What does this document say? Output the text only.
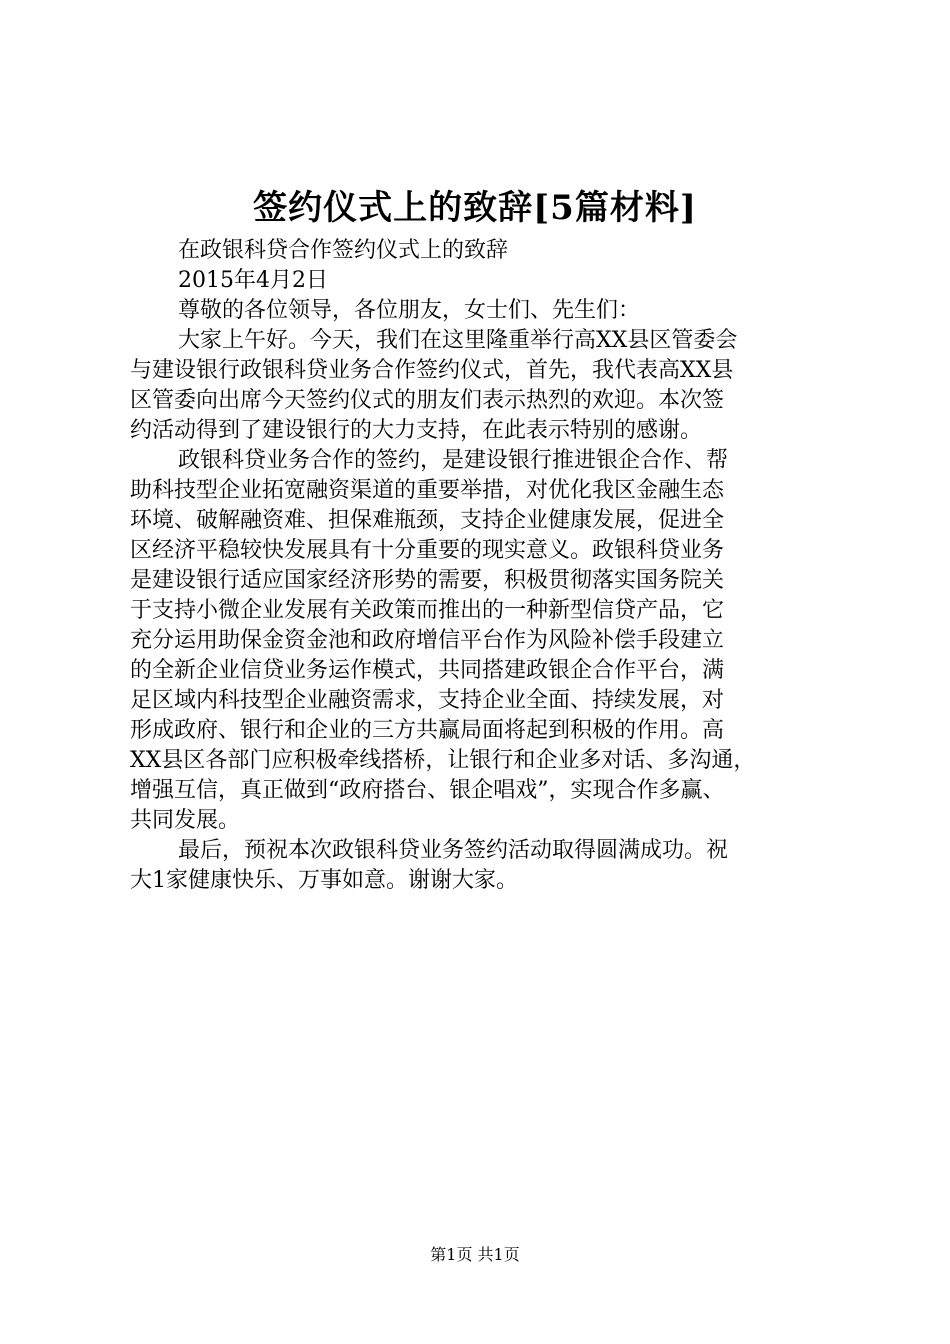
签约仪式上的致辞[5篇材料]

在政银科贷合作签约仪式上的致辞

2015年4月2日

尊敬的各位领导，各位朋友，女士们、先生们：

大家上午好。今天，我们在这里隆重举行高XX县区管委会

与建设银行政银科贷业务合作签约仪式，首先，我代表高XX县

区管委向出席今天签约仪式的朋友们表示热烈的欢迎。本次签

约活动得到了建设银行的大力支持，在此表示特别的感谢。

政银科贷业务合作的签约，是建设银行推进银企合作、帮

助科技型企业拓宽融资渠道的重要举措，对优化我区金融生态

环境、破解融资难、担保难瓶颈，支持企业健康发展，促进全

区经济平稳较快发展具有十分重要的现实意义。政银科贷业务

是建设银行适应国家经济形势的需要，积极贯彻落实国务院关

于支持小微企业发展有关政策而推出的一种新型信贷产品，它

充分运用助保金资金池和政府增信平台作为风险补偿手段建立

的全新企业信贷业务运作模式，共同搭建政银企合作平台，满

足区域内科技型企业融资需求，支持企业全面、持续发展，对

形成政府、银行和企业的三方共赢局面将起到积极的作用。高

XX县区各部门应积极牵线搭桥，让银行和企业多对话、多沟通，

增强互信，真正做到“政府搭台、银企唱戏”，实现合作多赢、

共同发展。

最后，预祝本次政银科贷业务签约活动取得圆满成功。祝

大1家健康快乐、万事如意。谢谢大家。

第1页 共1页
